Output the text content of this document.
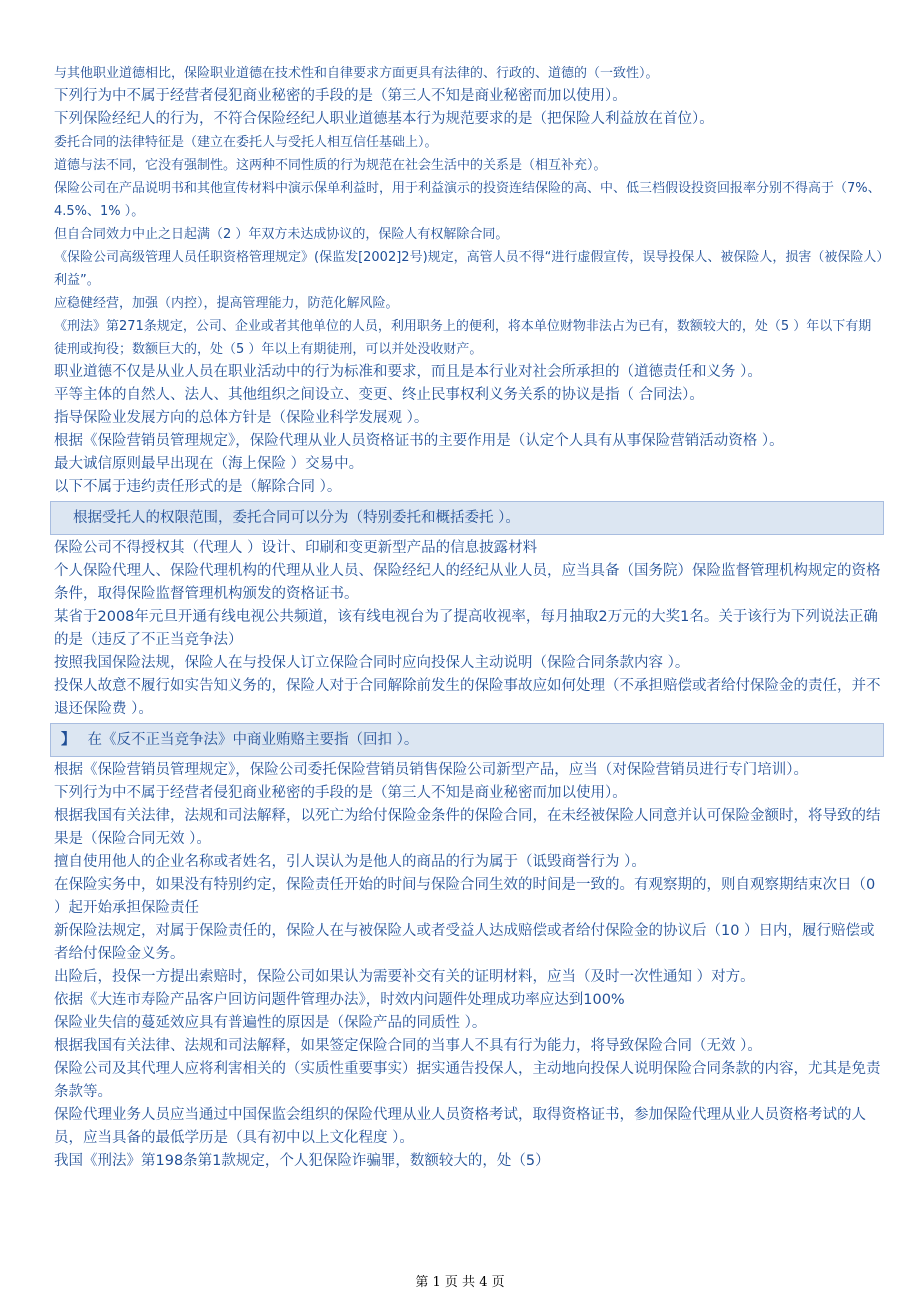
与其他职业道德相比，保险职业道德在技术性和自律要求方面更具有法律的、行政的、道德的（一致性）。

下列行为中不属于经营者侵犯商业秘密的手段的是（第三人不知是商业秘密而加以使用）。

下列保险经纪人的行为，不符合保险经纪人职业道德基本行为规范要求的是（把保险人利益放在首位）。

委托合同的法律特征是（建立在委托人与受托人相互信任基础上）。

道德与法不同，它没有强制性。这两种不同性质的行为规范在社会生活中的关系是（相互补充）。

保险公司在产品说明书和其他宣传材料中演示保单利益时，用于利益演示的投资连结保险的高、中、低三档假设投资回报率分别不得高于（7%、4.5%、1% ）。

但自合同效力中止之日起满（2 ）年双方未达成协议的，保险人有权解除合同。

《保险公司高级管理人员任职资格管理规定》(保监发[2002]2号)规定，高管人员不得“进行虚假宣传，误导投保人、被保险人，损害（被保险人）利益”。

应稳健经营，加强（内控），提高管理能力，防范化解风险。

《刑法》第271条规定，公司、企业或者其他单位的人员，利用职务上的便利，将本单位财物非法占为已有，数额较大的，处（5 ）年以下有期徒刑或拘役；数额巨大的，处（5 ）年以上有期徒刑，可以并处没收财产。

职业道德不仅是从业人员在职业活动中的行为标准和要求，而且是本行业对社会所承担的（道德责任和义务 ）。

平等主体的自然人、法人、其他组织之间设立、变更、终止民事权利义务关系的协议是指（ 合同法）。

指导保险业发展方向的总体方针是（保险业科学发展观 ）。

根据《保险营销员管理规定》，保险代理从业人员资格证书的主要作用是（认定个人具有从事保险营销活动资格 ）。

最大诚信原则最早出现在（海上保险 ）交易中。

以下不属于违约责任形式的是（解除合同 ）。

根据受托人的权限范围，委托合同可以分为（特别委托和概括委托 ）。

保险公司不得授权其（代理人 ）设计、印刷和变更新型产品的信息披露材料

个人保险代理人、保险代理机构的代理从业人员、保险经纪人的经纪从业人员，应当具备（国务院）保险监督管理机构规定的资格条件，取得保险监督管理机构颁发的资格证书。

某省于2008年元旦开通有线电视公共频道，该有线电视台为了提高收视率，每月抽取2万元的大奖1名。关于该行为下列说法正确的是（违反了不正当竞争法）

按照我国保险法规，保险人在与投保人订立保险合同时应向投保人主动说明（保险合同条款内容 ）。

投保人故意不履行如实告知义务的，保险人对于合同解除前发生的保险事故应如何处理（不承担赔偿或者给付保险金的责任，并不退还保险费 ）。

】 在《反不正当竞争法》中商业贿赂主要指（回扣 ）。

根据《保险营销员管理规定》，保险公司委托保险营销员销售保险公司新型产品，应当（对保险营销员进行专门培训）。

下列行为中不属于经营者侵犯商业秘密的手段的是（第三人不知是商业秘密而加以使用）。

根据我国有关法律，法规和司法解释，以死亡为给付保险金条件的保险合同，在未经被保险人同意并认可保险金额时，将导致的结果是（保险合同无效 ）。

擅自使用他人的企业名称或者姓名，引人误认为是他人的商品的行为属于（诋毁商誉行为 ）。

在保险实务中，如果没有特别约定，保险责任开始的时间与保险合同生效的时间是一致的。有观察期的，则自观察期结束次日（0 ）起开始承担保险责任

新保险法规定，对属于保险责任的，保险人在与被保险人或者受益人达成赔偿或者给付保险金的协议后（10 ）日内，履行赔偿或者给付保险金义务。

出险后，投保一方提出索赔时，保险公司如果认为需要补交有关的证明材料，应当（及时一次性通知 ）对方。

依据《大连市寿险产品客户回访问题件管理办法》，时效内问题件处理成功率应达到100%

保险业失信的蔓延效应具有普遍性的原因是（保险产品的同质性 ）。

根据我国有关法律、法规和司法解释，如果签定保险合同的当事人不具有行为能力，将导致保险合同（无效 ）。

保险公司及其代理人应将利害相关的（实质性重要事实）据实通告投保人，主动地向投保人说明保险合同条款的内容，尤其是免责条款等。

保险代理业务人员应当通过中国保监会组织的保险代理从业人员资格考试，取得资格证书，参加保险代理从业人员资格考试的人员，应当具备的最低学历是（具有初中以上文化程度 ）。

我国《刑法》第198条第1款规定，个人犯保险诈骗罪，数额较大的，处（5）

第 1 页 共 4 页
